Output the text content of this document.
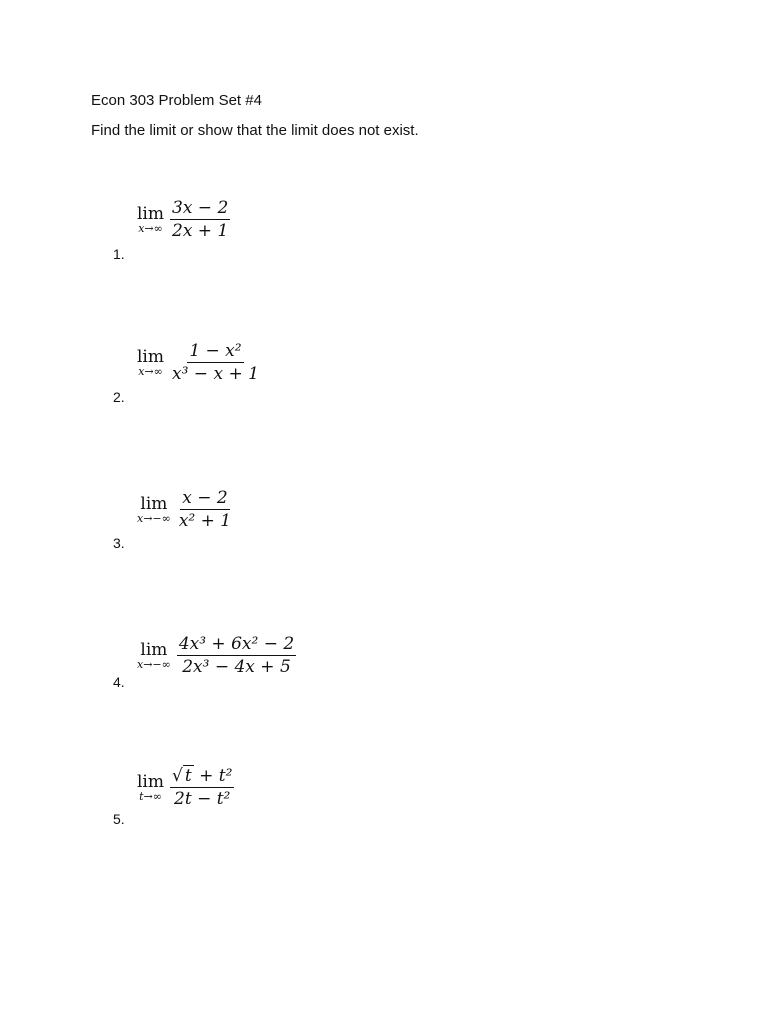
Econ 303 Problem Set #4

Find the limit or show that the limit does not exist.

lim
$x\to\infty \frac{3x - 2}{2x + 1}$
1.
lim
$x\to\infty \frac{\text{1 − x²}}{\text{x³ − x + 1}}$
2.
lim
$x\to-\infty \frac{x - 2}{\text{x² + 1}}$
3.
lim
$x\to-\infty \frac{\text{4x³ + 6x² − 2}}{\text{2x³ − 4x + 5}}$
4.
lim
$t\to\infty \frac{\text{√ t + t²}}{\text{2t − t²}}$
5.
